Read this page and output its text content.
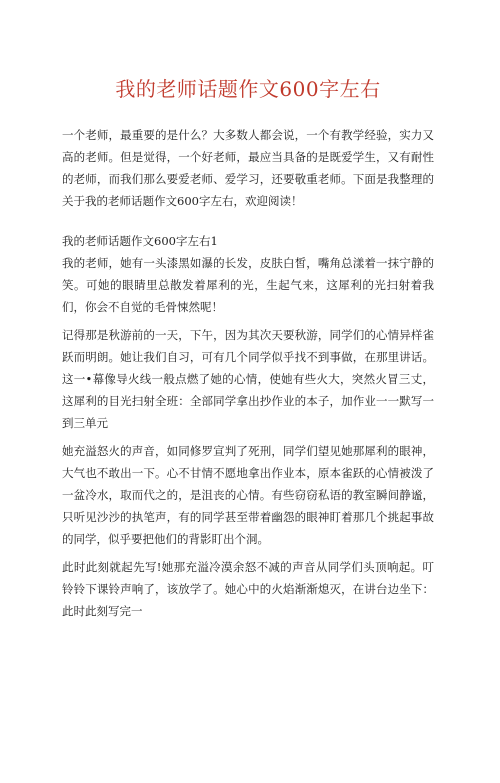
我的老师话题作文600字左右

一个老师，最重要的是什么？大多数人都会说，一个有教学经验，实力又高的老师。但是觉得，一个好老师，最应当具备的是既爱学生，又有耐性的老师，而我们那么要爱老师、爱学习，还要敬重老师。下面是我整理的关于我的老师话题作文600字左右，欢迎阅读！

我的老师话题作文600字左右1

我的老师，她有一头漆黑如瀑的长发，皮肤白皙，嘴角总漾着一抹宁静的笑。可她的眼睛里总散发着犀利的光，生起气来，这犀利的光扫射着我们，你会不自觉的毛骨悚然呢！

记得那是秋游前的一天，下午，因为其次天要秋游，同学们的心情异样雀跃而明朗。她让我们自习，可有几个同学似乎找不到事做，在那里讲话。这一•幕像导火线一般点燃了她的心情，使她有些火大，突然火冒三丈，这犀利的目光扫射全班：全部同学拿出抄作业的本子，加作业一一默写一到三单元

她充溢怒火的声音，如同修罗宣判了死刑，同学们望见她那犀利的眼神，大气也不敢出一下。心不甘情不愿地拿出作业本，原本雀跃的心情被泼了一盆冷水，取而代之的，是沮丧的心情。有些窃窃私语的教室瞬间静谧，只听见沙沙的执笔声，有的同学甚至带着幽怨的眼神盯着那几个挑起事故的同学，似乎要把他们的背影盯出个洞。

此时此刻就起先写!她那充溢冷漠余怒不减的声音从同学们头顶响起。叮铃铃下课铃声响了，该放学了。她心中的火焰渐渐熄灭，在讲台边坐下：此时此刻写完一
